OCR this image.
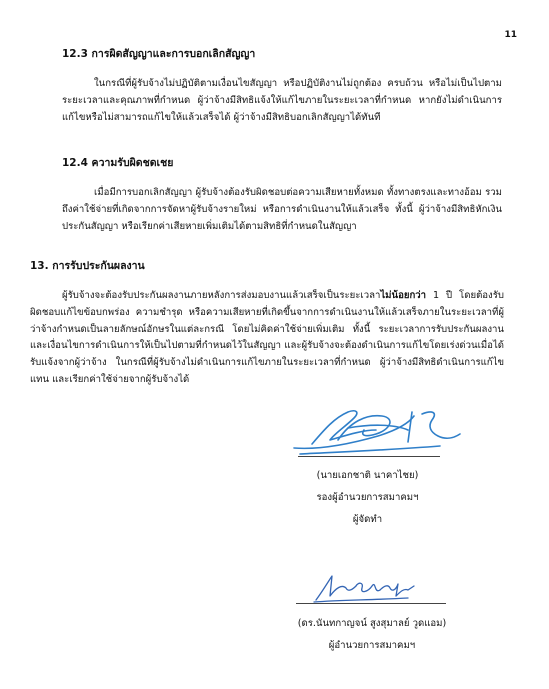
11
12.3 การผิดสัญญาและการบอกเลิกสัญญา
ในกรณีที่ผู้รับจ้างไม่ปฏิบัติตามเงื่อนไขสัญญา หรือปฏิบัติงานไม่ถูกต้อง ครบถ้วน หรือไม่เป็นไปตามระยะเวลาและคุณภาพที่กำหนด ผู้ว่าจ้างมีสิทธิแจ้งให้แก้ไขภายในระยะเวลาที่กำหนด หากยังไม่ดำเนินการแก้ไขหรือไม่สามารถแก้ไขให้แล้วเสร็จได้ ผู้ว่าจ้างมีสิทธิบอกเลิกสัญญาได้ทันที
12.4 ความรับผิดชดเชย
เมื่อมีการบอกเลิกสัญญา ผู้รับจ้างต้องรับผิดชอบต่อความเสียหายทั้งหมด ทั้งทางตรงและทางอ้อม รวมถึงค่าใช้จ่ายที่เกิดจากการจัดหาผู้รับจ้างรายใหม่ หรือการดำเนินงานให้แล้วเสร็จ ทั้งนี้ ผู้ว่าจ้างมีสิทธิหักเงินประกันสัญญา หรือเรียกค่าเสียหายเพิ่มเติมได้ตามสิทธิที่กำหนดในสัญญา
13. การรับประกันผลงาน
ผู้รับจ้างจะต้องรับประกันผลงานภายหลังการส่งมอบงานแล้วเสร็จเป็นระยะเวลาไม่น้อยกว่า 1 ปี โดยต้องรับผิดชอบแก้ไขข้อบกพร่อง ความชำรุด หรือความเสียหายที่เกิดขึ้นจากการดำเนินงานให้แล้วเสร็จภายในระยะเวลาที่ผู้ว่าจ้างกำหนดเป็นลายลักษณ์อักษรในแต่ละกรณี โดยไม่คิดค่าใช้จ่ายเพิ่มเติม ทั้งนี้ ระยะเวลาการรับประกันผลงานและเงื่อนไขการดำเนินการให้เป็นไปตามที่กำหนดไว้ในสัญญา และผู้รับจ้างจะต้องดำเนินการแก้ไขโดยเร่งด่วนเมื่อได้รับแจ้งจากผู้ว่าจ้าง ในกรณีที่ผู้รับจ้างไม่ดำเนินการแก้ไขภายในระยะเวลาที่กำหนด ผู้ว่าจ้างมีสิทธิดำเนินการแก้ไขแทน และเรียกค่าใช้จ่ายจากผู้รับจ้างได้
(นายเอกชาติ นาคาไชย)
รองผู้อำนวยการสมาคมฯ
ผู้จัดทำ
(ดร.นันทกาญจน์ สูงสุมาลย์ วูดแอม)
ผู้อำนวยการสมาคมฯ
